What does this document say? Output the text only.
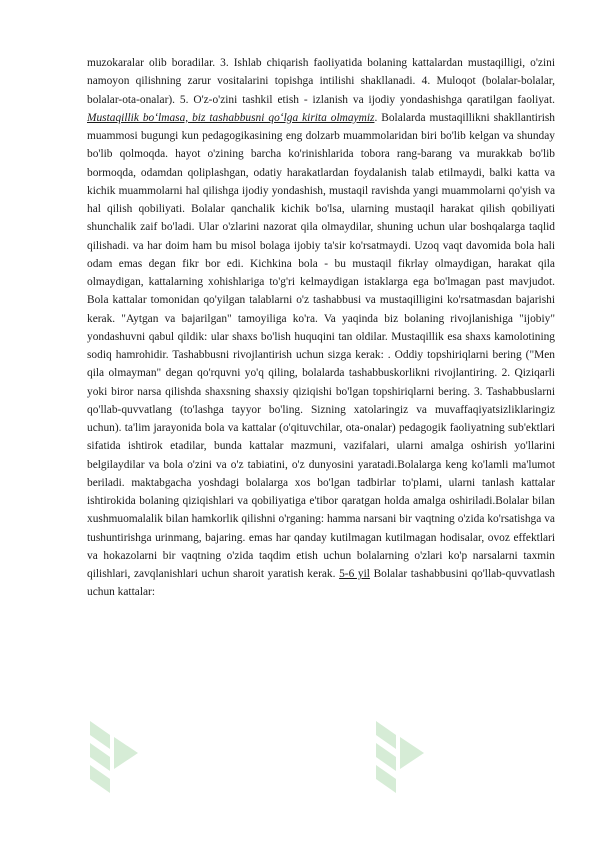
muzokaralar olib boradilar. 3. Ishlab chiqarish faoliyatida bolaning kattalardan mustaqilligi, o'zini namoyon qilishning zarur vositalarini topishga intilishi shakllanadi. 4. Muloqot (bolalar-bolalar, bolalar-ota-onalar). 5. O'z-o'zini tashkil etish - izlanish va ijodiy yondashishga qaratilgan faoliyat. Mustaqillik bo‘lmasa, biz tashabbusni qo‘lga kirita olmaymiz. Bolalarda mustaqillikni shakllantirish muammosi bugungi kun pedagogikasining eng dolzarb muammolaridan biri bo'lib kelgan va shunday bo'lib qolmoqda. hayot o'zining barcha ko'rinishlarida tobora rang-barang va murakkab bo'lib bormoqda, odamdan qoliplashgan, odatiy harakatlardan foydalanish talab etilmaydi, balki katta va kichik muammolarni hal qilishga ijodiy yondashish, mustaqil ravishda yangi muammolarni qo'yish va hal qilish qobiliyati. Bolalar qanchalik kichik bo'lsa, ularning mustaqil harakat qilish qobiliyati shunchalik zaif bo'ladi. Ular o'zlarini nazorat qila olmaydilar, shuning uchun ular boshqalarga taqlid qilishadi. va har doim ham bu misol bolaga ijobiy ta'sir ko'rsatmaydi. Uzoq vaqt davomida bola hali odam emas degan fikr bor edi. Kichkina bola - bu mustaqil fikrlay olmaydigan, harakat qila olmaydigan, kattalarning xohishlariga to'g'ri kelmaydigan istaklarga ega bo'lmagan past mavjudot. Bola kattalar tomonidan qo'yilgan talablarni o'z tashabbusi va mustaqilligini ko'rsatmasdan bajarishi kerak. "Aytgan va bajarilgan" tamoyiliga ko'ra. Va yaqinda biz bolaning rivojlanishiga "ijobiy" yondashuvni qabul qildik: ular shaxs bo'lish huquqini tan oldilar. Mustaqillik esa shaxs kamolotining sodiq hamrohidir. Tashabbusni rivojlantirish uchun sizga kerak: . Oddiy topshiriqlarni bering ("Men qila olmayman" degan qo'rquvni yo'q qiling, bolalarda tashabbuskorlikni rivojlantiring. 2. Qiziqarli yoki biror narsa qilishda shaxsning shaxsiy qiziqishi bo'lgan topshiriqlarni bering. 3. Tashabbuslarni qo'llab-quvvatlang (to'lashga tayyor bo'ling. Sizning xatolaringiz va muvaffaqiyatsizliklaringiz uchun). ta'lim jarayonida bola va kattalar (o'qituvchilar, ota-onalar) pedagogik faoliyatning sub'ektlari sifatida ishtirok etadilar, bunda kattalar mazmuni, vazifalari, ularni amalga oshirish yo'llarini belgilaydilar va bola o'zini va o'z tabiatini, o'z dunyosini yaratadi.Bolalarga keng ko'lamli ma'lumot beriladi. maktabgacha yoshdagi bolalarga xos bo'lgan tadbirlar to'plami, ularni tanlash kattalar ishtirokida bolaning qiziqishlari va qobiliyatiga e'tibor qaratgan holda amalga oshiriladi.Bolalar bilan xushmuomalalik bilan hamkorlik qilishni o'rganing: hamma narsani bir vaqtning o'zida ko'rsatishga va tushuntirishga urinmang, bajaring. emas har qanday kutilmagan kutilmagan hodisalar, ovoz effektlari va hokazolarni bir vaqtning o'zida taqdim etish uchun bolalarning o'zlari ko'p narsalarni taxmin qilishlari, zavqlanishlari uchun sharoit yaratish kerak. 5-6 yil Bolalar tashabbusini qo'llab-quvvatlash uchun kattalar:
